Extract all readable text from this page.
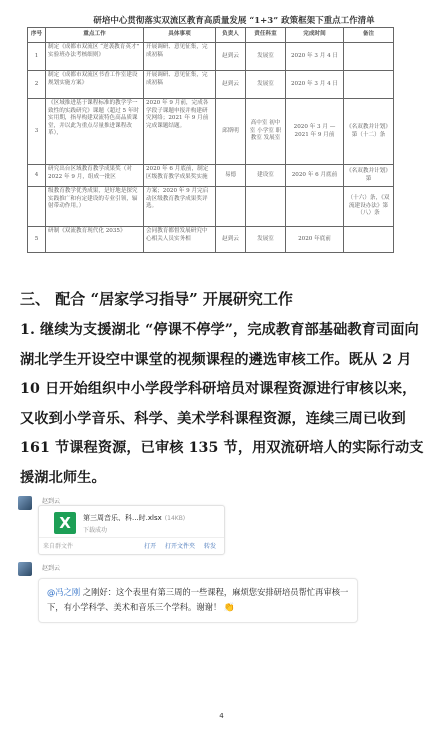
研培中心贯彻落实双流区教育高质量发展 “1+3” 政策框架下重点工作清单
序号	重点工作	具体事项	负责人	责任科室	完成时间	备注
1	制定《成都市双流区 “逆袭教育英才” 实验班办法考核细则》	开展调研、意见征集，完成初稿	赵到云	发展室	2020 年 3 月 4 日	
2	制定《成都市双流区书香工作室建设规划实施方案》	开展调研、意见征集，完成初稿	赵到云	发展室	2020 年 3 月 4 日	
3	《区域推进基于课程标准的教学学一致性的实践研究》课题（超过 5 年时实用期，指导构建双流特色高品质课堂，并以此为重点尽量推进课程改革），	2020 年 9 月前，完成各学段子课题申报并构建研究网络；2021 年 9 月前完成课题结题。	邱斯明	高中室 初中室 小学室 职教室 发展室	2020 年 3 月 —2021 年 9 月前	《名双教并计划》第（十二）条
4	研究出台区域教育教学成果奖（对 2022 年 9 月，组成一批区	2020 年 6 月底前，制定区级教育教学成果奖实施	易德	建设室	2020 年 6 月底前	《名双教并计划》第
	级教育教学优秀成果，是好地是探究实践推广和有定建设的专业引领，辐射带动作用。）	方案；2020 年 9 月完启动区级教育教学成果奖评选。				（十六）条，《双流建设办法》第（八）条
5	研制《双流教育现代化 2035》	会同教育都督发展研究中心相关人员实务相	赵到云	发展室	2020 年底前	
三、 配合 “居家学习指导” 开展研究工作
1. 继续为支援湖北 “停课不停学”，完成教育部基础教育司面向湖北学生开设空中课堂的视频课程的遴选审核工作。既从 2 月 10 日开始组织中小学段学科研培员对课程资源进行审核以来，又收到小学音乐、科学、美术学科课程资源，连续三周已收到 161 节课程资源，已审核 135 节，用双流研培人的实际行动支援湖北师生。
赵到云
X	第三周音乐、科...时.xlsx (14KB)
下载成功
来自群文件	打开 打开文件夹 转发
赵到云
@冯之刚 之刚好：这个表里有第三周的一些课程，麻烦您安排研培员帮忙再审核一下，有小学科学、美术和音乐三个学科。谢谢！ 👏
4
